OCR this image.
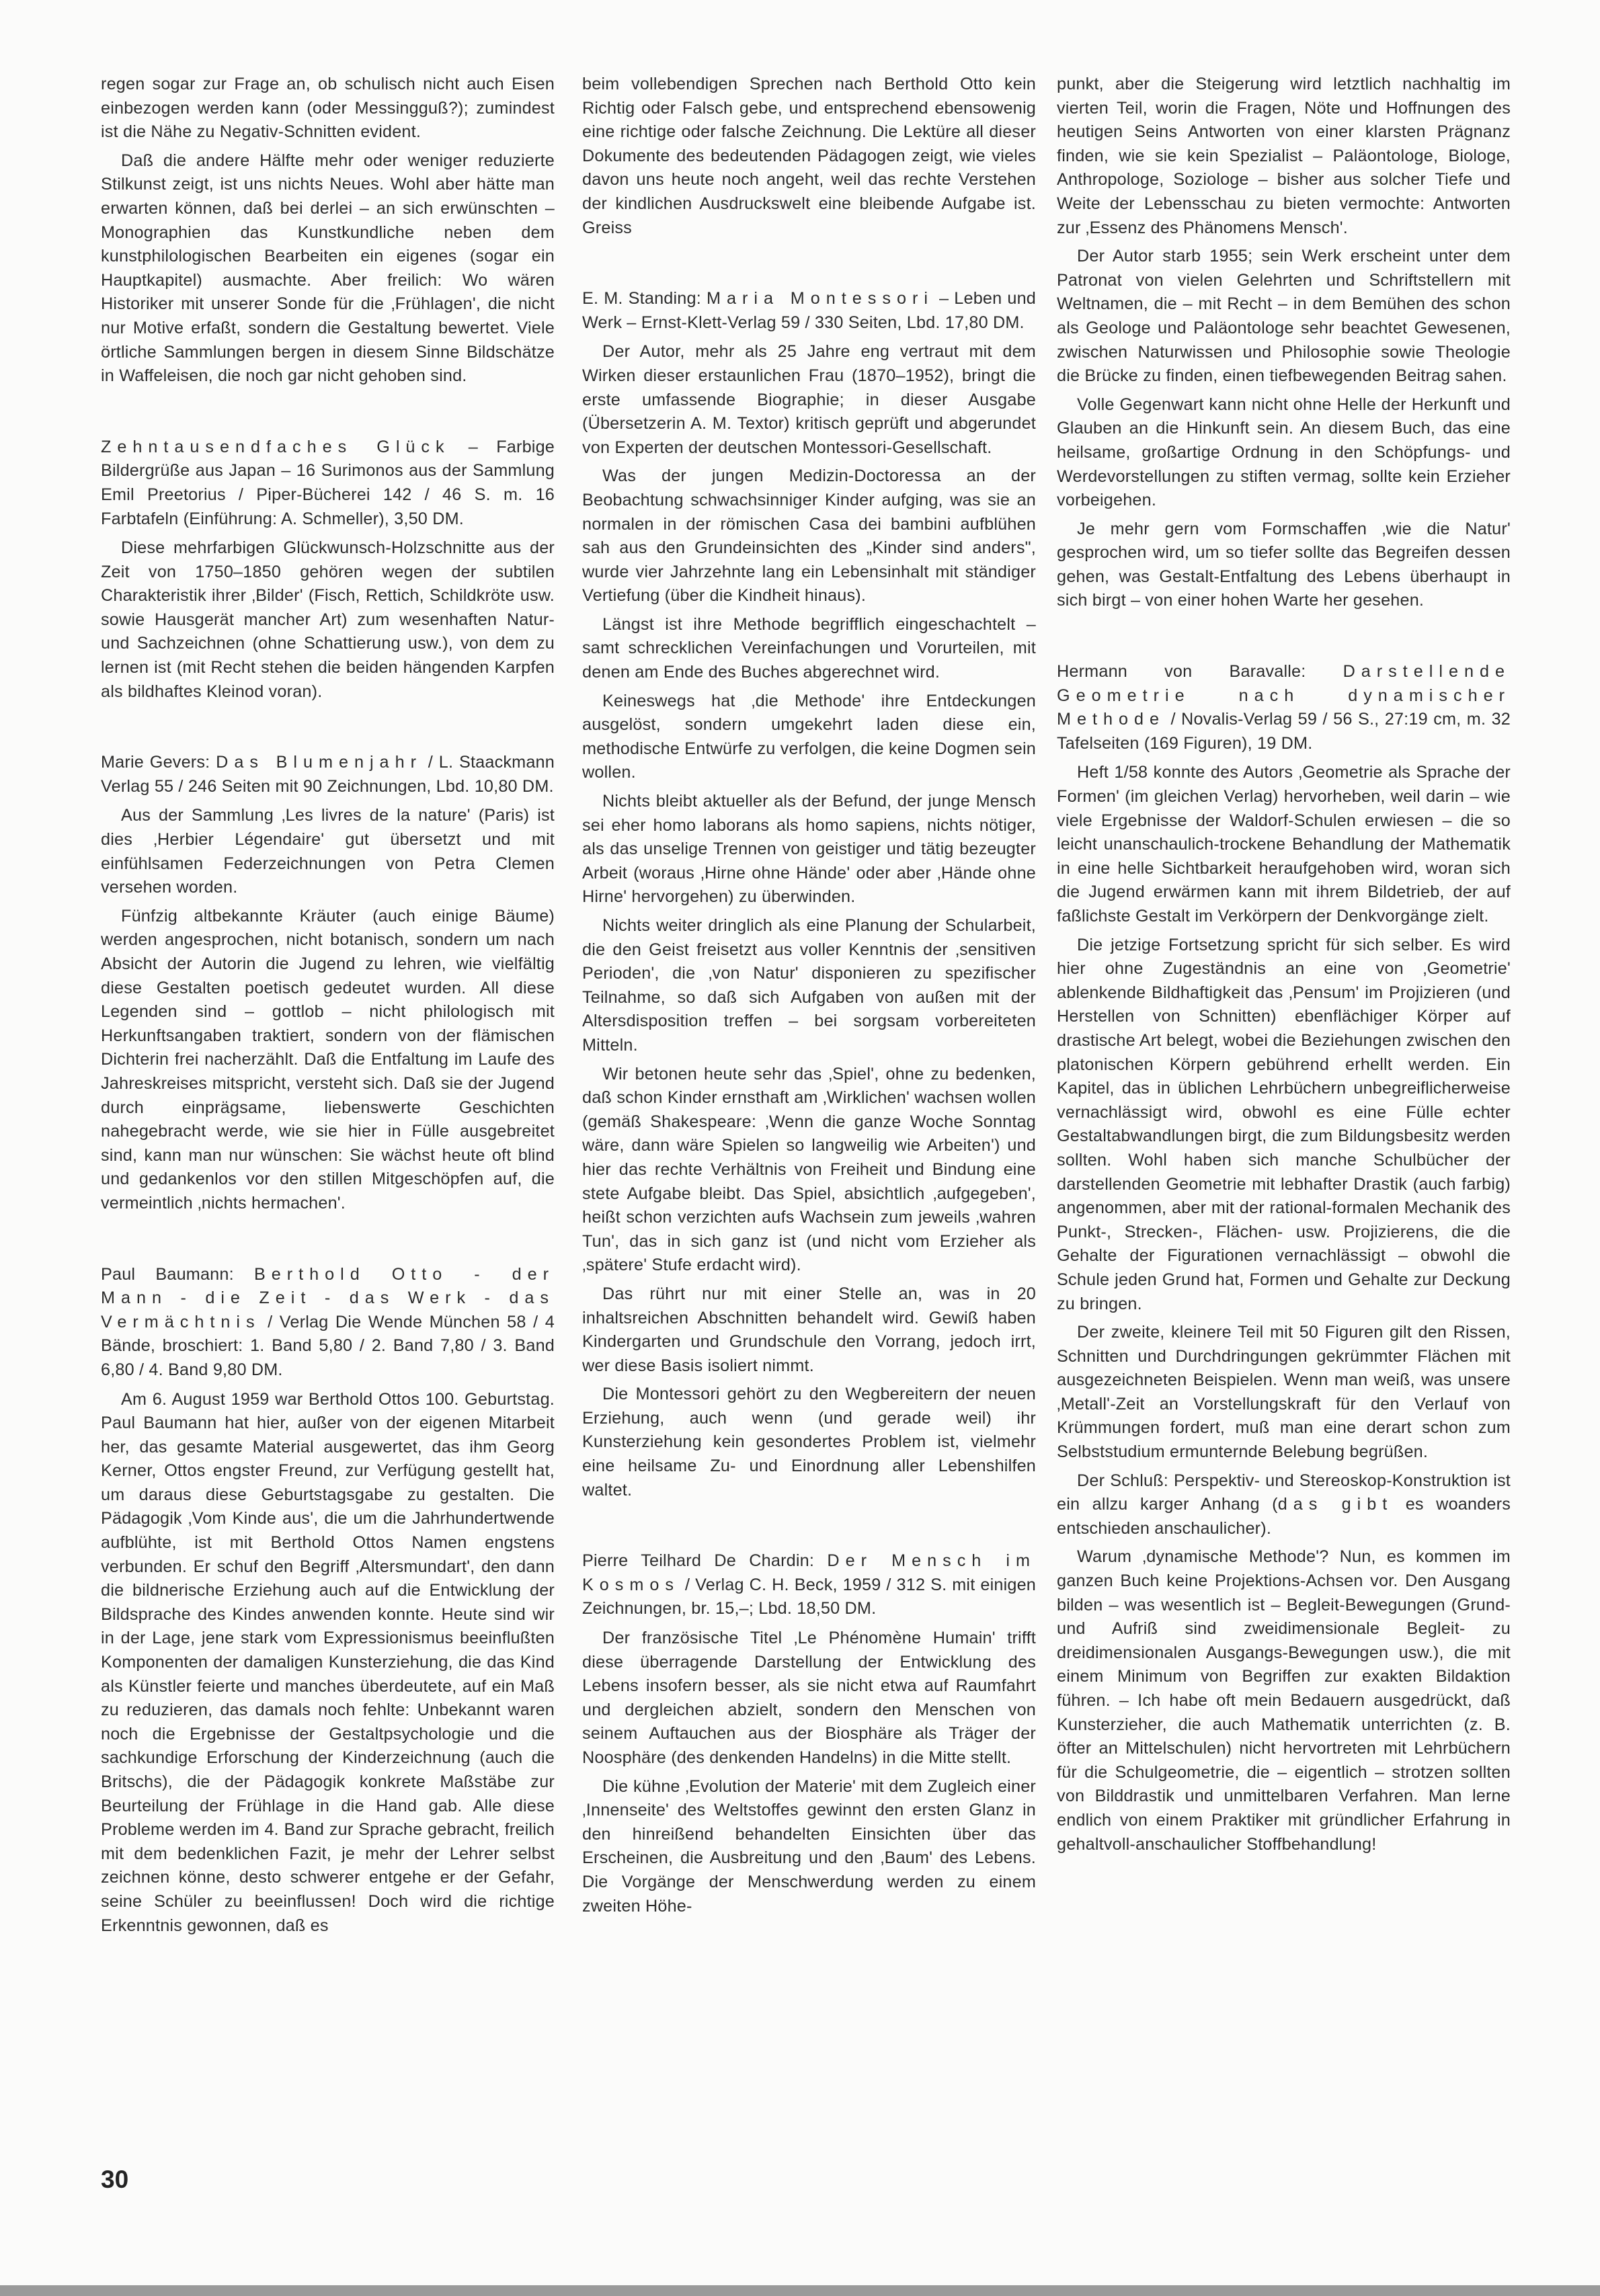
regen sogar zur Frage an, ob schulisch nicht auch Eisen einbezogen werden kann (oder Messingguß?); zumindest ist die Nähe zu Negativ-Schnitten evident.

Daß die andere Hälfte mehr oder weniger reduzierte Stilkunst zeigt, ist uns nichts Neues. Wohl aber hätte man erwarten können, daß bei derlei – an sich erwünschten – Monographien das Kunstkundliche neben dem kunstphilologischen Bearbeiten ein eigenes (sogar ein Hauptkapitel) ausmachte. Aber freilich: Wo wären Historiker mit unserer Sonde für die ‚Frühlagen', die nicht nur Motive erfaßt, sondern die Gestaltung bewertet. Viele örtliche Sammlungen bergen in diesem Sinne Bildschätze in Waffeleisen, die noch gar nicht gehoben sind.

Zehntausendfaches Glück – Farbige Bildergrüße aus Japan – 16 Surimonos aus der Sammlung Emil Preetorius / Piper-Bücherei 142 / 46 S. m. 16 Farbtafeln (Einführung: A. Schmeller), 3,50 DM.

Diese mehrfarbigen Glückwunsch-Holzschnitte aus der Zeit von 1750–1850 gehören wegen der subtilen Charakteristik ihrer ‚Bilder' (Fisch, Rettich, Schildkröte usw. sowie Hausgerät mancher Art) zum wesenhaften Natur- und Sachzeichnen (ohne Schattierung usw.), von dem zu lernen ist (mit Recht stehen die beiden hängenden Karpfen als bildhaftes Kleinod voran).

Marie Gevers: Das Blumenjahr / L. Staackmann Verlag 55 / 246 Seiten mit 90 Zeichnungen, Lbd. 10,80 DM.

Aus der Sammlung ‚Les livres de la nature' (Paris) ist dies ‚Herbier Légendaire' gut übersetzt und mit einfühlsamen Federzeichnungen von Petra Clemen versehen worden.

Fünfzig altbekannte Kräuter (auch einige Bäume) werden angesprochen, nicht botanisch, sondern um nach Absicht der Autorin die Jugend zu lehren, wie vielfältig diese Gestalten poetisch gedeutet wurden. All diese Legenden sind – gottlob – nicht philologisch mit Herkunftsangaben traktiert, sondern von der flämischen Dichterin frei nacherzählt. Daß die Entfaltung im Laufe des Jahreskreises mitspricht, versteht sich. Daß sie der Jugend durch einprägsame, liebenswerte Geschichten nahegebracht werde, wie sie hier in Fülle ausgebreitet sind, kann man nur wünschen: Sie wächst heute oft blind und gedankenlos vor den stillen Mitgeschöpfen auf, die vermeintlich ‚nichts hermachen'.

Paul Baumann: Berthold Otto - der Mann - die Zeit - das Werk - das Vermächtnis / Verlag Die Wende München 58 / 4 Bände, broschiert: 1. Band 5,80 / 2. Band 7,80 / 3. Band 6,80 / 4. Band 9,80 DM.

Am 6. August 1959 war Berthold Ottos 100. Geburtstag. Paul Baumann hat hier, außer von der eigenen Mitarbeit her, das gesamte Material ausgewertet, das ihm Georg Kerner, Ottos engster Freund, zur Verfügung gestellt hat, um daraus diese Geburtstagsgabe zu gestalten. Die Pädagogik ‚Vom Kinde aus', die um die Jahrhundertwende aufblühte, ist mit Berthold Ottos Namen engstens verbunden. Er schuf den Begriff ‚Altersmundart', den dann die bildnerische Erziehung auch auf die Entwicklung der Bildsprache des Kindes anwenden konnte. Heute sind wir in der Lage, jene stark vom Expressionismus beeinflußten Komponenten der damaligen Kunsterziehung, die das Kind als Künstler feierte und manches überdeutete, auf ein Maß zu reduzieren, das damals noch fehlte: Unbekannt waren noch die Ergebnisse der Gestaltpsychologie und die sachkundige Erforschung der Kinderzeichnung (auch die Britschs), die der Pädagogik konkrete Maßstäbe zur Beurteilung der Frühlage in die Hand gab. Alle diese Probleme werden im 4. Band zur Sprache gebracht, freilich mit dem bedenklichen Fazit, je mehr der Lehrer selbst zeichnen könne, desto schwerer entgehe er der Gefahr, seine Schüler zu beeinflussen! Doch wird die richtige Erkenntnis gewonnen, daß es

beim vollebendigen Sprechen nach Berthold Otto kein Richtig oder Falsch gebe, und entsprechend ebensowenig eine richtige oder falsche Zeichnung. Die Lektüre all dieser Dokumente des bedeutenden Pädagogen zeigt, wie vieles davon uns heute noch angeht, weil das rechte Verstehen der kindlichen Ausdruckswelt eine bleibende Aufgabe ist. Greiss

E. M. Standing: Maria Montessori – Leben und Werk – Ernst-Klett-Verlag 59 / 330 Seiten, Lbd. 17,80 DM.

Der Autor, mehr als 25 Jahre eng vertraut mit dem Wirken dieser erstaunlichen Frau (1870–1952), bringt die erste umfassende Biographie; in dieser Ausgabe (Übersetzerin A. M. Textor) kritisch geprüft und abgerundet von Experten der deutschen Montessori-Gesellschaft.

Was der jungen Medizin-Doctoressa an der Beobachtung schwachsinniger Kinder aufging, was sie an normalen in der römischen Casa dei bambini aufblühen sah aus den Grundeinsichten des „Kinder sind anders", wurde vier Jahrzehnte lang ein Lebensinhalt mit ständiger Vertiefung (über die Kindheit hinaus).

Längst ist ihre Methode begrifflich eingeschachtelt – samt schrecklichen Vereinfachungen und Vorurteilen, mit denen am Ende des Buches abgerechnet wird.

Keineswegs hat ‚die Methode' ihre Entdeckungen ausgelöst, sondern umgekehrt laden diese ein, methodische Entwürfe zu verfolgen, die keine Dogmen sein wollen.

Nichts bleibt aktueller als der Befund, der junge Mensch sei eher homo laborans als homo sapiens, nichts nötiger, als das unselige Trennen von geistiger und tätig bezeugter Arbeit (woraus ‚Hirne ohne Hände' oder aber ‚Hände ohne Hirne' hervorgehen) zu überwinden.

Nichts weiter dringlich als eine Planung der Schularbeit, die den Geist freisetzt aus voller Kenntnis der ‚sensitiven Perioden', die ‚von Natur' disponieren zu spezifischer Teilnahme, so daß sich Aufgaben von außen mit der Altersdisposition treffen – bei sorgsam vorbereiteten Mitteln.

Wir betonen heute sehr das ‚Spiel', ohne zu bedenken, daß schon Kinder ernsthaft am ‚Wirklichen' wachsen wollen (gemäß Shakespeare: ‚Wenn die ganze Woche Sonntag wäre, dann wäre Spielen so langweilig wie Arbeiten') und hier das rechte Verhältnis von Freiheit und Bindung eine stete Aufgabe bleibt. Das Spiel, absichtlich ‚aufgegeben', heißt schon verzichten aufs Wachsein zum jeweils ‚wahren Tun', das in sich ganz ist (und nicht vom Erzieher als ‚spätere' Stufe erdacht wird).

Das rührt nur mit einer Stelle an, was in 20 inhaltsreichen Abschnitten behandelt wird. Gewiß haben Kindergarten und Grundschule den Vorrang, jedoch irrt, wer diese Basis isoliert nimmt.

Die Montessori gehört zu den Wegbereitern der neuen Erziehung, auch wenn (und gerade weil) ihr Kunsterziehung kein gesondertes Problem ist, vielmehr eine heilsame Zu- und Einordnung aller Lebenshilfen waltet.

Pierre Teilhard De Chardin: Der Mensch im Kosmos / Verlag C. H. Beck, 1959 / 312 S. mit einigen Zeichnungen, br. 15,–; Lbd. 18,50 DM.

Der französische Titel ‚Le Phénomène Humain' trifft diese überragende Darstellung der Entwicklung des Lebens insofern besser, als sie nicht etwa auf Raumfahrt und dergleichen abzielt, sondern den Menschen von seinem Auftauchen aus der Biosphäre als Träger der Noosphäre (des denkenden Handelns) in die Mitte stellt.

Die kühne ‚Evolution der Materie' mit dem Zugleich einer ‚Innenseite' des Weltstoffes gewinnt den ersten Glanz in den hinreißend behandelten Einsichten über das Erscheinen, die Ausbreitung und den ‚Baum' des Lebens. Die Vorgänge der Menschwerdung werden zu einem zweiten Höhe-

punkt, aber die Steigerung wird letztlich nachhaltig im vierten Teil, worin die Fragen, Nöte und Hoffnungen des heutigen Seins Antworten von einer klarsten Prägnanz finden, wie sie kein Spezialist – Paläontologe, Biologe, Anthropologe, Soziologe – bisher aus solcher Tiefe und Weite der Lebensschau zu bieten vermochte: Antworten zur ‚Essenz des Phänomens Mensch'.

Der Autor starb 1955; sein Werk erscheint unter dem Patronat von vielen Gelehrten und Schriftstellern mit Weltnamen, die – mit Recht – in dem Bemühen des schon als Geologe und Paläontologe sehr beachtet Gewesenen, zwischen Naturwissen und Philosophie sowie Theologie die Brücke zu finden, einen tiefbewegenden Beitrag sahen.

Volle Gegenwart kann nicht ohne Helle der Herkunft und Glauben an die Hinkunft sein. An diesem Buch, das eine heilsame, großartige Ordnung in den Schöpfungs- und Werdevorstellungen zu stiften vermag, sollte kein Erzieher vorbeigehen.

Je mehr gern vom Formschaffen ‚wie die Natur' gesprochen wird, um so tiefer sollte das Begreifen dessen gehen, was Gestalt-Entfaltung des Lebens überhaupt in sich birgt – von einer hohen Warte her gesehen.

Hermann von Baravalle: Darstellende Geometrie nach dynamischer Methode / Novalis-Verlag 59 / 56 S., 27:19 cm, m. 32 Tafelseiten (169 Figuren), 19 DM.

Heft 1/58 konnte des Autors ‚Geometrie als Sprache der Formen' (im gleichen Verlag) hervorheben, weil darin – wie viele Ergebnisse der Waldorf-Schulen erwiesen – die so leicht unanschaulich-trockene Behandlung der Mathematik in eine helle Sichtbarkeit heraufgehoben wird, woran sich die Jugend erwärmen kann mit ihrem Bildetrieb, der auf faßlichste Gestalt im Verkörpern der Denkvorgänge zielt.

Die jetzige Fortsetzung spricht für sich selber. Es wird hier ohne Zugeständnis an eine von ‚Geometrie' ablenkende Bildhaftigkeit das ‚Pensum' im Projizieren (und Herstellen von Schnitten) ebenflächiger Körper auf drastische Art belegt, wobei die Beziehungen zwischen den platonischen Körpern gebührend erhellt werden. Ein Kapitel, das in üblichen Lehrbüchern unbegreiflicherweise vernachlässigt wird, obwohl es eine Fülle echter Gestaltabwandlungen birgt, die zum Bildungsbesitz werden sollten. Wohl haben sich manche Schulbücher der darstellenden Geometrie mit lebhafter Drastik (auch farbig) angenommen, aber mit der rational-formalen Mechanik des Punkt-, Strecken-, Flächen- usw. Projizierens, die die Gehalte der Figurationen vernachlässigt – obwohl die Schule jeden Grund hat, Formen und Gehalte zur Deckung zu bringen.

Der zweite, kleinere Teil mit 50 Figuren gilt den Rissen, Schnitten und Durchdringungen gekrümmter Flächen mit ausgezeichneten Beispielen. Wenn man weiß, was unsere ‚Metall'-Zeit an Vorstellungskraft für den Verlauf von Krümmungen fordert, muß man eine derart schon zum Selbststudium ermunternde Belebung begrüßen.

Der Schluß: Perspektiv- und Stereoskop-Konstruktion ist ein allzu karger Anhang (das gibt es woanders entschieden anschaulicher).

Warum ‚dynamische Methode'? Nun, es kommen im ganzen Buch keine Projektions-Achsen vor. Den Ausgang bilden – was wesentlich ist – Begleit-Bewegungen (Grund- und Aufriß sind zweidimensionale Begleit- zu dreidimensionalen Ausgangs-Bewegungen usw.), die mit einem Minimum von Begriffen zur exakten Bildaktion führen. – Ich habe oft mein Bedauern ausgedrückt, daß Kunsterzieher, die auch Mathematik unterrichten (z. B. öfter an Mittelschulen) nicht hervortreten mit Lehrbüchern für die Schulgeometrie, die – eigentlich – strotzen sollten von Bilddrastik und unmittelbaren Verfahren. Man lerne endlich von einem Praktiker mit gründlicher Erfahrung in gehaltvoll-anschaulicher Stoffbehandlung!

30
